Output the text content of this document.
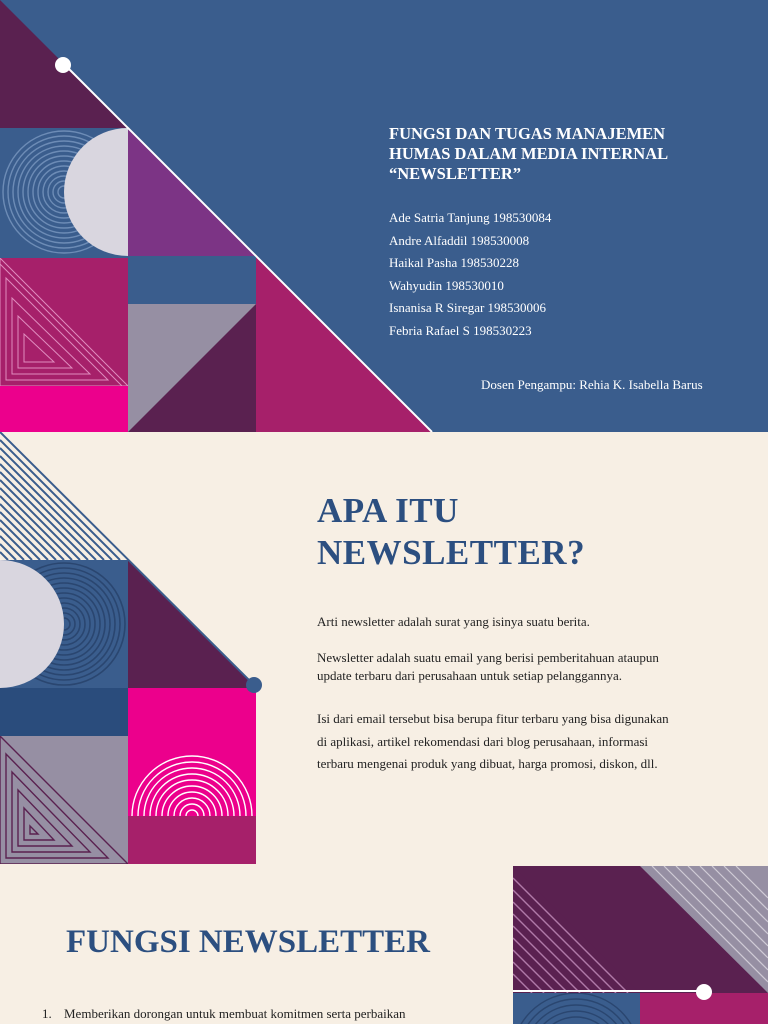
FUNGSI DAN TUGAS MANAJEMEN
HUMAS DALAM MEDIA INTERNAL
“NEWSLETTER”
Ade Satria Tanjung 198530084
Andre Alfaddil 198530008
Haikal Pasha 198530228
Wahyudin 198530010
Isnanisa R Siregar 198530006
Febria Rafael S 198530223
Dosen Pengampu: Rehia K. Isabella Barus
APA ITU
NEWSLETTER?
Arti newsletter adalah surat yang isinya suatu berita.
Newsletter adalah suatu email yang berisi pemberitahuan ataupun
update terbaru dari perusahaan untuk setiap pelanggannya.
Isi dari email tersebut bisa berupa fitur terbaru yang bisa digunakan
di aplikasi, artikel rekomendasi dari blog perusahaan, informasi
terbaru mengenai produk yang dibuat, harga promosi, diskon, dll.
FUNGSI NEWSLETTER
1. Memberikan dorongan untuk membuat komitmen serta perbaikan
